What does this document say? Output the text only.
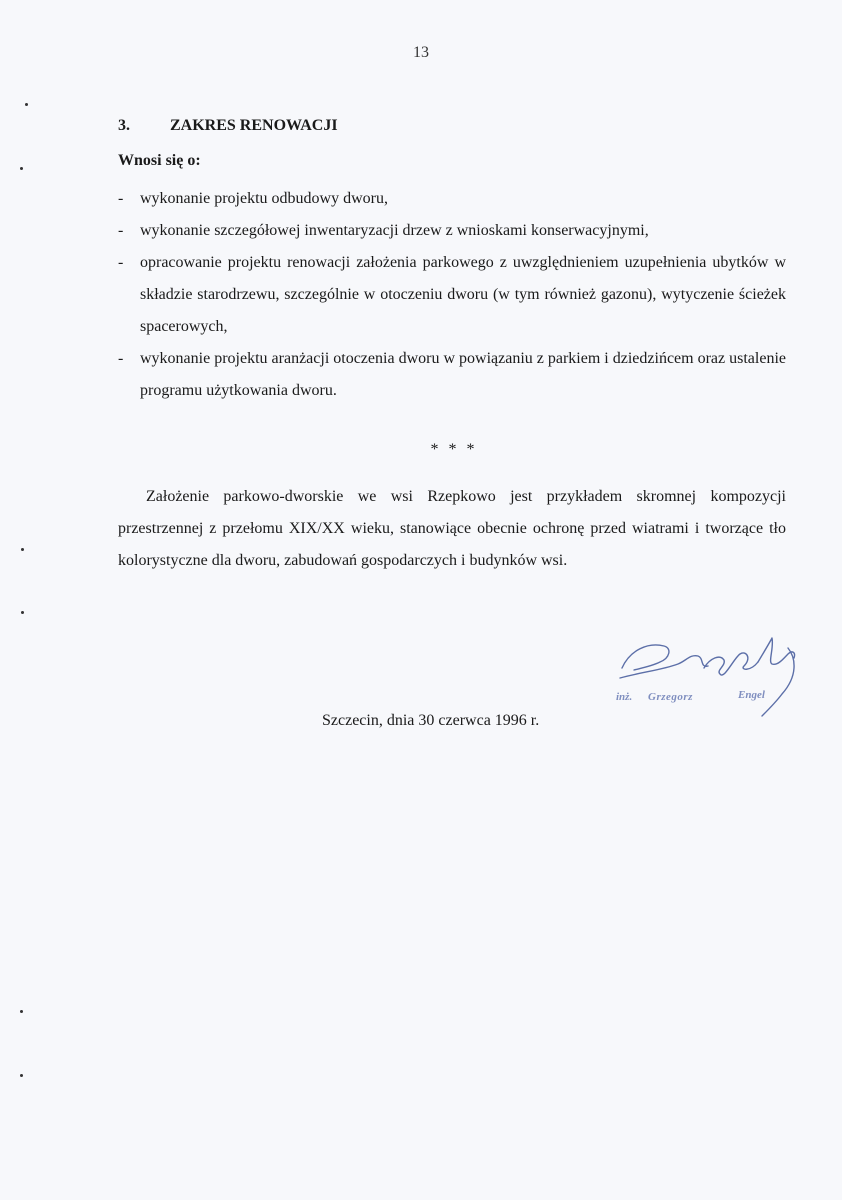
13
3.	ZAKRES RENOWACJI
Wnosi się o:
-	wykonanie projektu odbudowy dworu,
-	wykonanie szczegółowej inwentaryzacji drzew z wnioskami konserwacyjnymi,
-	opracowanie projektu renowacji założenia parkowego z uwzględnieniem uzupełnienia ubytków w składzie starodrzewu, szczególnie w otoczeniu dworu (w tym również gazonu), wytyczenie ścieżek spacerowych,
-	wykonanie projektu aranżacji otoczenia dworu w powiązaniu z parkiem i dziedzińcem oraz ustalenie programu użytkowania dworu.
* * *
Założenie parkowo-dworskie we wsi Rzepkowo jest przykładem skromnej kompozycji przestrzennej z przełomu XIX/XX wieku, stanowiące obecnie ochronę przed wiatrami i tworzące tło kolorystyczne dla dworu, zabudowań gospodarczych i budynków wsi.
Szczecin, dnia 30 czerwca 1996 r.
inż. Grzegorz	Engel
